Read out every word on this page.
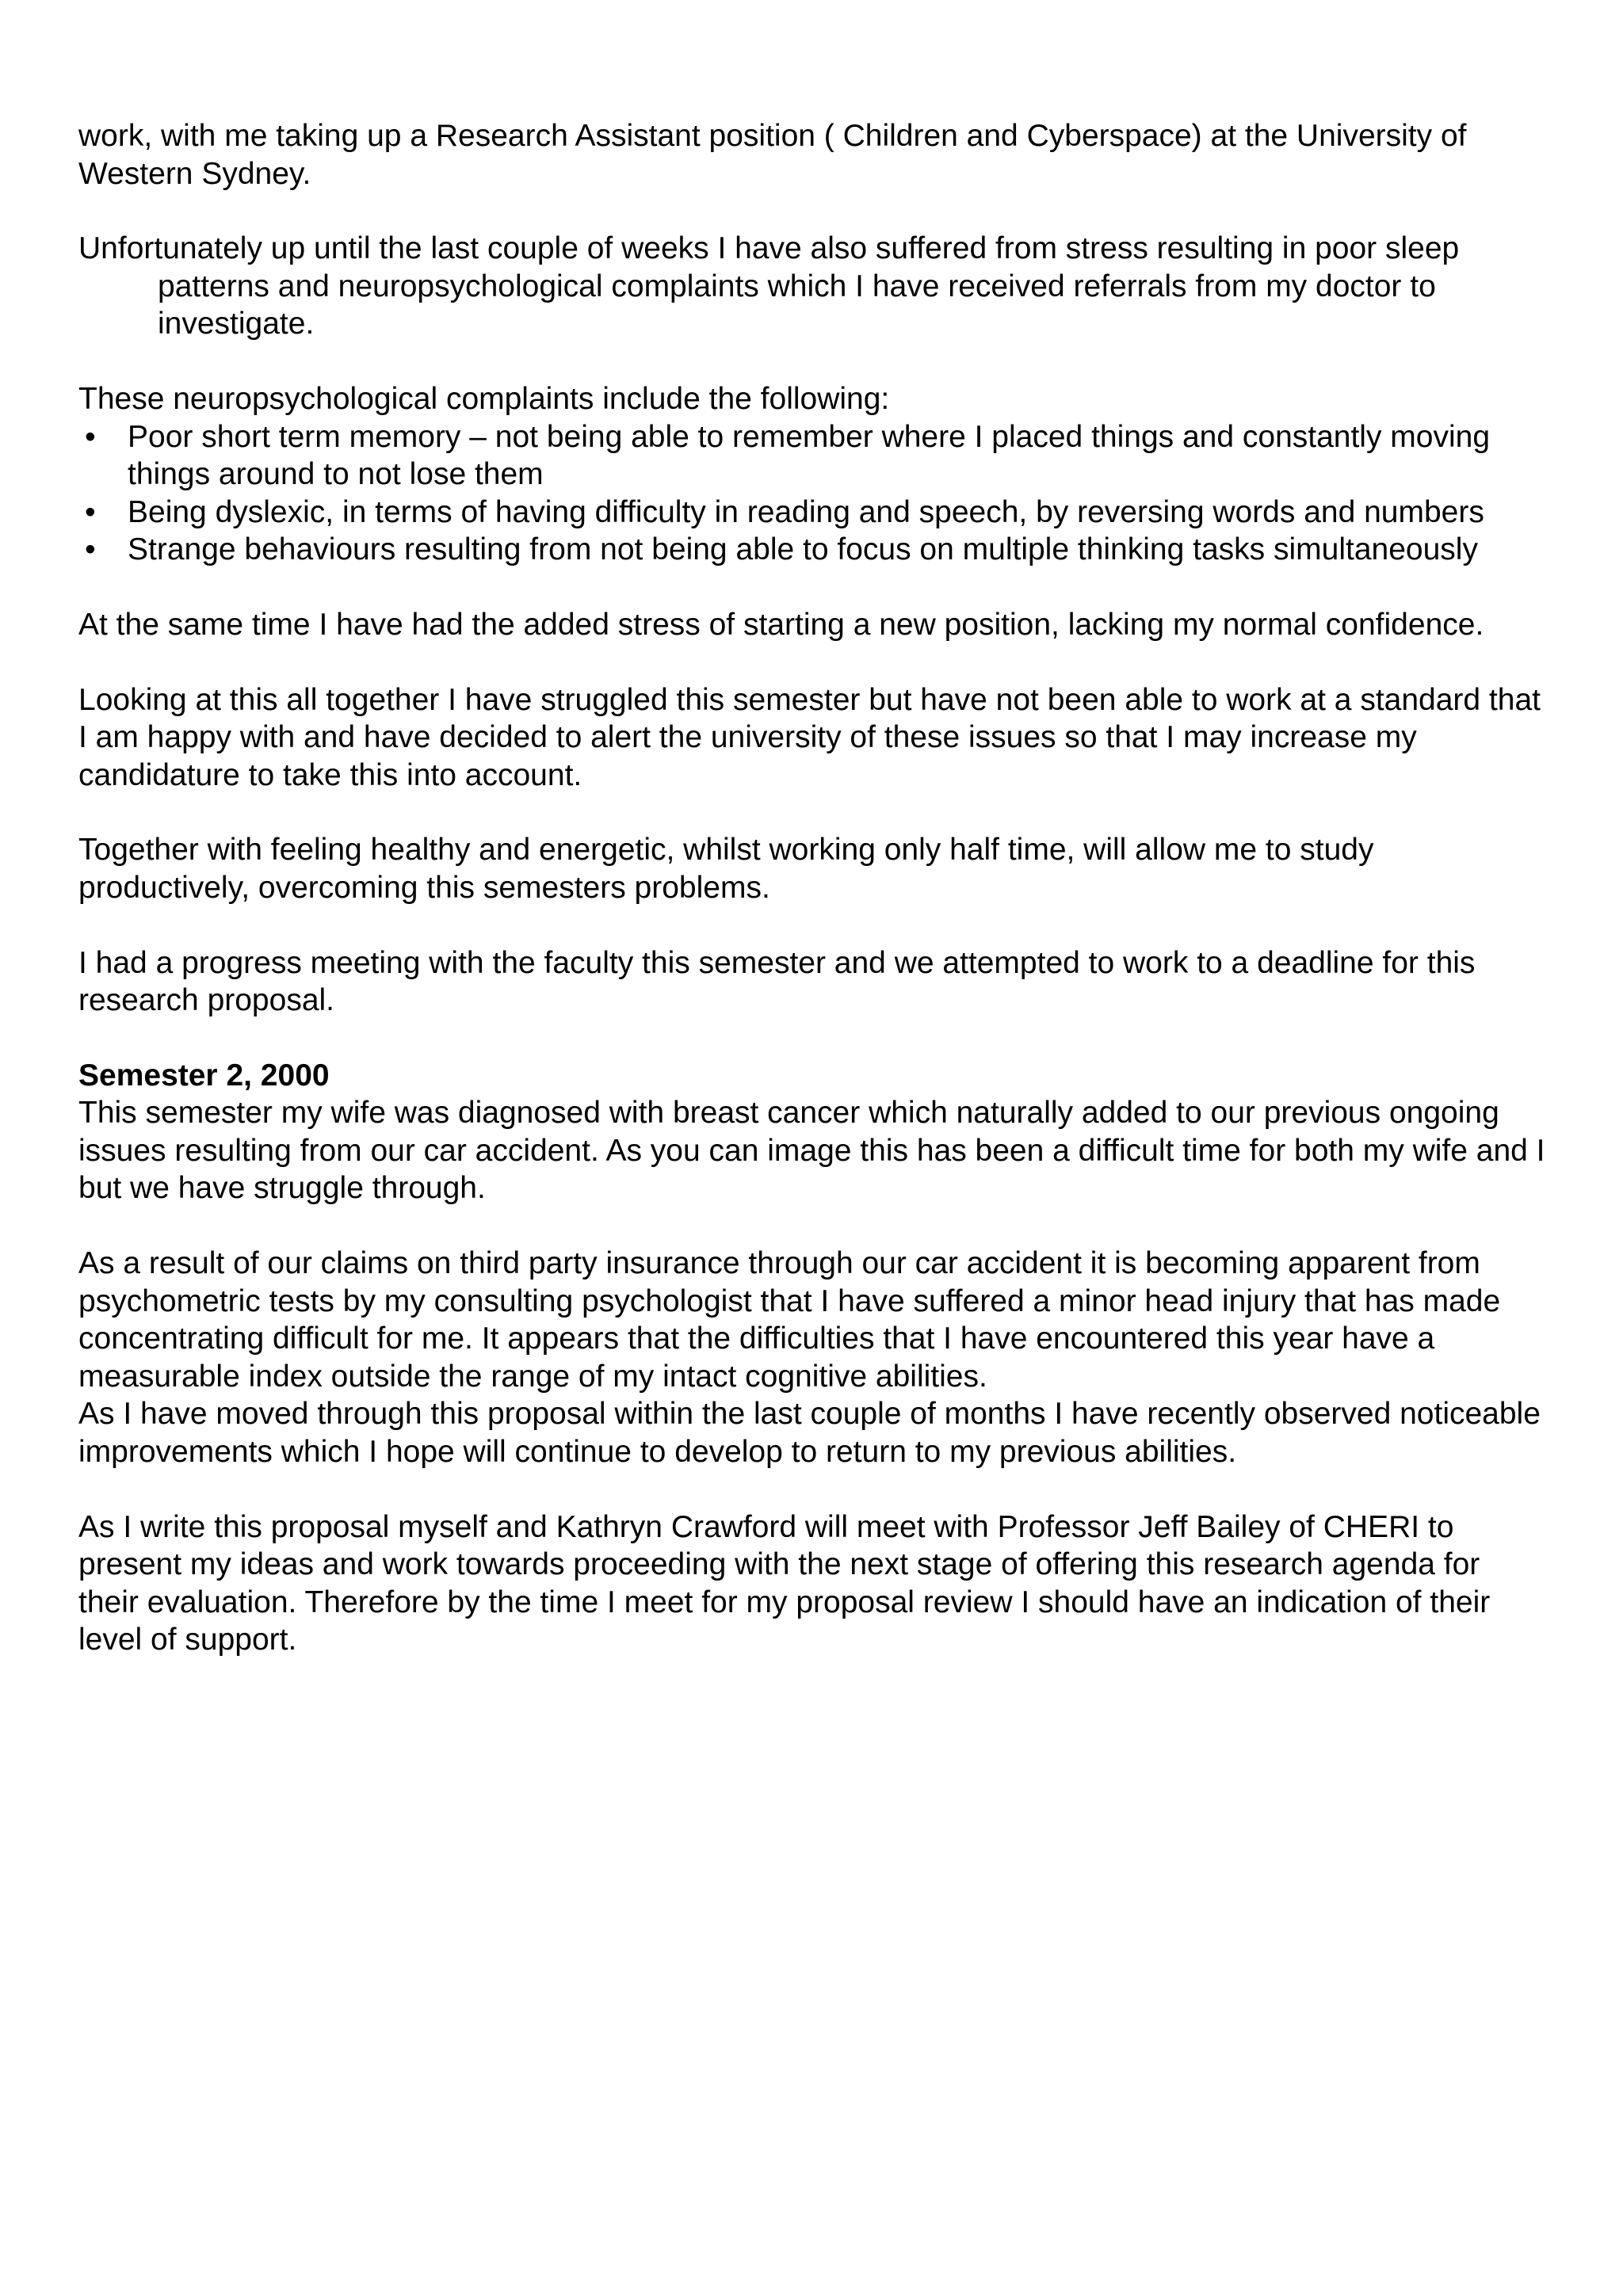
work, with me taking up a Research Assistant position ( Children and Cyberspace) at the University of Western Sydney.

Unfortunately up until the last couple of weeks I have also suffered from stress resulting in poor sleep patterns and neuropsychological complaints which I have received referrals from my doctor to investigate.

These neuropsychological complaints include the following:

• Poor short term memory – not being able to remember where I placed things and constantly moving things around to not lose them
• Being dyslexic, in terms of having difficulty in reading and speech, by reversing words and numbers
• Strange behaviours resulting from not being able to focus on multiple thinking tasks simultaneously

At the same time I have had the added stress of starting a new position, lacking my normal confidence.

Looking at this all together I have struggled this semester but have not been able to work at a standard that I am happy with and have decided to alert the university of these issues so that I may increase my candidature to take this into account.

Together with feeling healthy and energetic, whilst working only half time, will allow me to study productively, overcoming this semesters problems.

I had a progress meeting with the faculty this semester and we attempted to work to a deadline for this research proposal.

Semester 2, 2000

This semester my wife was diagnosed with breast cancer which naturally added to our previous ongoing issues resulting from our car accident. As you can image this has been a difficult time for both my wife and I but we have struggle through.

As a result of our claims on third party insurance through our car accident it is becoming apparent from psychometric tests by my consulting psychologist that I have suffered a minor head injury that has made concentrating difficult for me. It appears that the difficulties that I have encountered this year have a measurable index outside the range of my intact cognitive abilities.

As I have moved through this proposal within the last couple of months I have recently observed noticeable improvements which I hope will continue to develop to return to my previous abilities.

As I write this proposal myself and Kathryn Crawford will meet with Professor Jeff Bailey of CHERI to present my ideas and work towards proceeding with the next stage of offering this research agenda for their evaluation. Therefore by the time I meet for my proposal review I should have an indication of their level of support.
